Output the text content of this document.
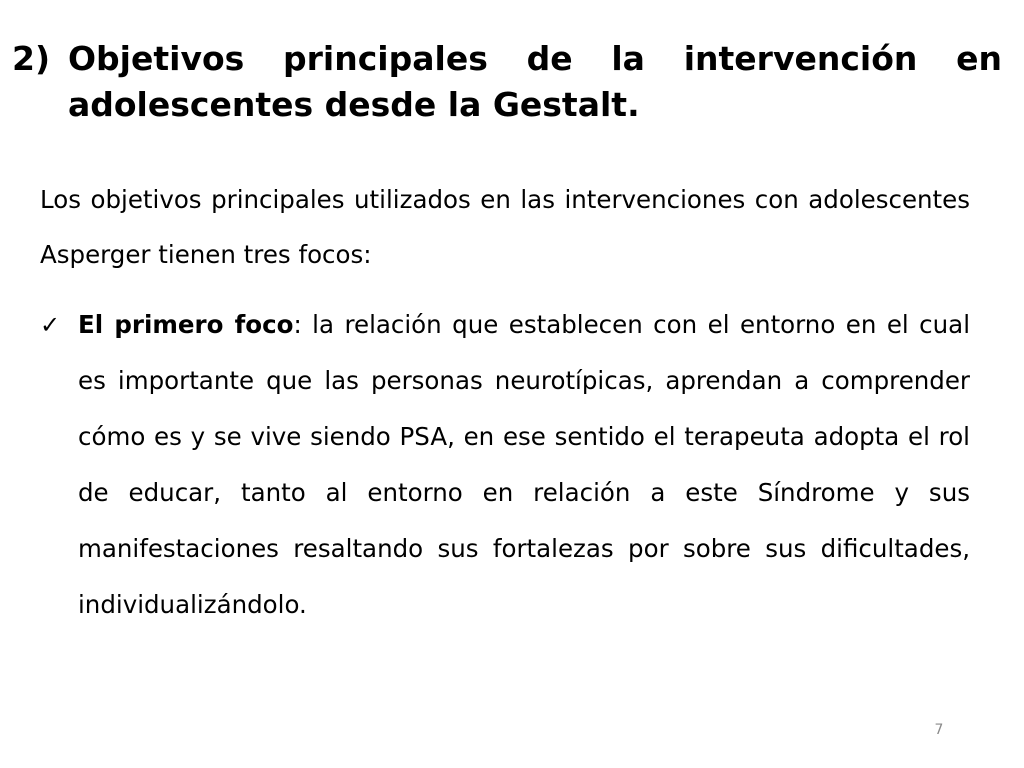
2) Objetivos principales de la intervención en adolescentes desde la Gestalt.
Los objetivos principales utilizados en las intervenciones con adolescentes Asperger tienen tres focos:
✓ El primero foco: la relación que establecen con el entorno en el cual es importante que las personas neurotípicas, aprendan a comprender cómo es y se vive siendo PSA, en ese sentido el terapeuta adopta el rol de educar, tanto al entorno en relación a este Síndrome y sus manifestaciones resaltando sus fortalezas por sobre sus dificultades, individualizándolo.
7
